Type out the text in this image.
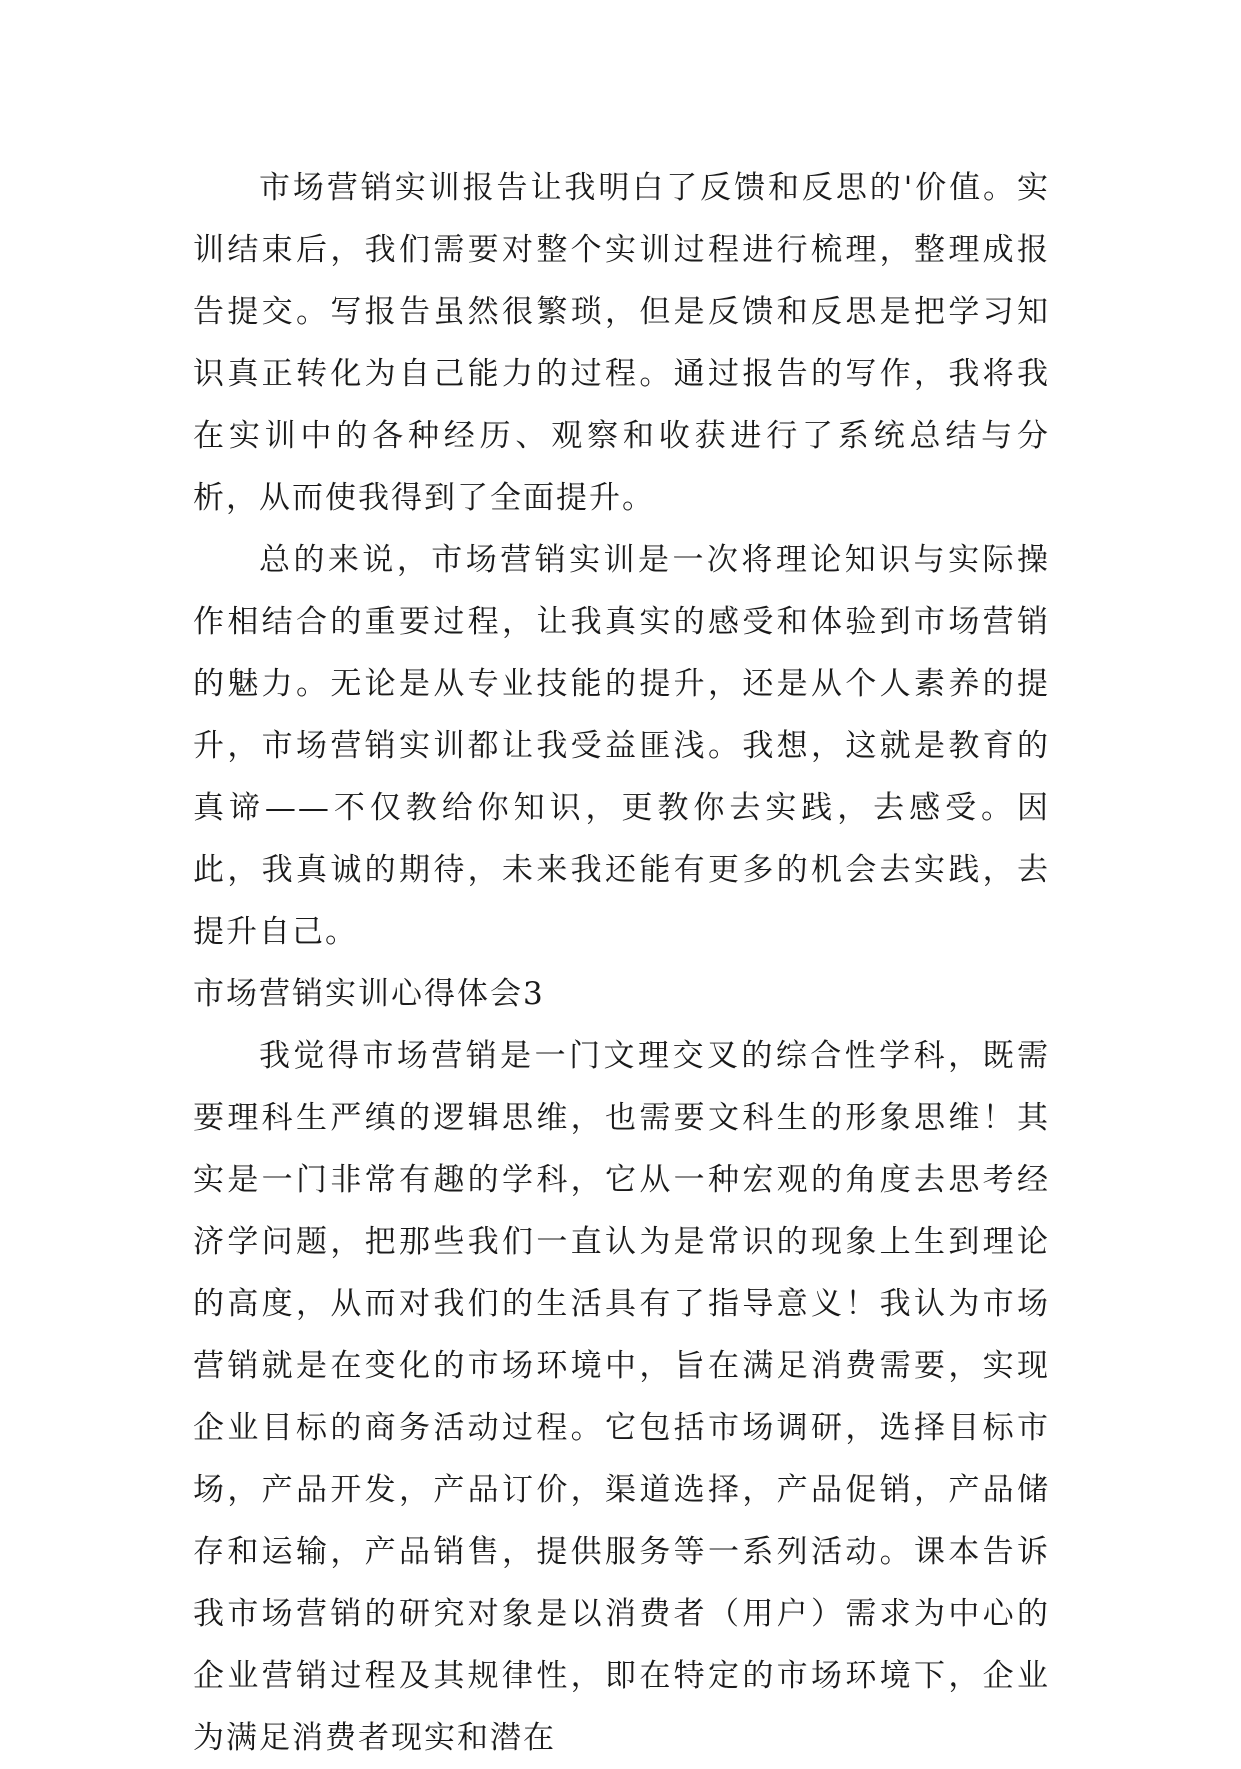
市场营销实训报告让我明白了反馈和反思的'价值。实训结束后，我们需要对整个实训过程进行梳理，整理成报告提交。写报告虽然很繁琐，但是反馈和反思是把学习知识真正转化为自己能力的过程。通过报告的写作，我将我在实训中的各种经历、观察和收获进行了系统总结与分析，从而使我得到了全面提升。

总的来说，市场营销实训是一次将理论知识与实际操作相结合的重要过程，让我真实的感受和体验到市场营销的魅力。无论是从专业技能的提升，还是从个人素养的提升，市场营销实训都让我受益匪浅。我想，这就是教育的真谛——不仅教给你知识，更教你去实践，去感受。因此，我真诚的期待，未来我还能有更多的机会去实践，去提升自己。

市场营销实训心得体会3

我觉得市场营销是一门文理交叉的综合性学科，既需要理科生严缜的逻辑思维，也需要文科生的形象思维！其实是一门非常有趣的学科，它从一种宏观的角度去思考经济学问题，把那些我们一直认为是常识的现象上生到理论的高度，从而对我们的生活具有了指导意义！我认为市场营销就是在变化的市场环境中，旨在满足消费需要，实现企业目标的商务活动过程。它包括市场调研，选择目标市场，产品开发，产品订价，渠道选择，产品促销，产品储存和运输，产品销售，提供服务等一系列活动。课本告诉我市场营销的研究对象是以消费者（用户）需求为中心的企业营销过程及其规律性，即在特定的市场环境下，企业为满足消费者现实和潜在
